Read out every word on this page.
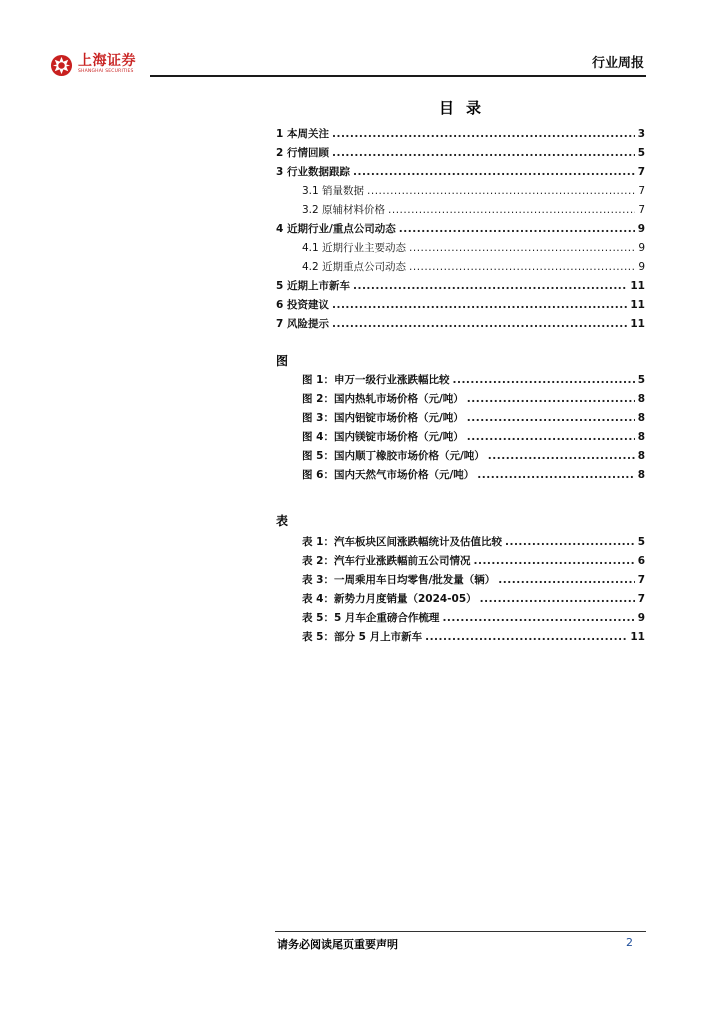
上海证券
SHANGHAI SECURITIES
行业周报
目录
1 本周关注 .....	3
2 行情回顾 .....	5
3 行业数据跟踪 .....	7
3.1 销量数据 .....	7
3.2 原辅材料价格 .....	7
4 近期行业/重点公司动态 .....	9
4.1 近期行业主要动态 .....	9
4.2 近期重点公司动态 .....	9
5 近期上市新车 .....	11
6 投资建议 .....	11
7 风险提示 .....	11
图
图 1：申万一级行业涨跌幅比较 .....	5
图 2：国内热轧市场价格（元/吨） .....	8
图 3：国内铝锭市场价格（元/吨） .....	8
图 4：国内镁锭市场价格（元/吨） .....	8
图 5：国内顺丁橡胶市场价格（元/吨） .....	8
图 6：国内天然气市场价格（元/吨） .....	8
表
表 1：汽车板块区间涨跌幅统计及估值比较 .....	5
表 2：汽车行业涨跌幅前五公司情况 .....	6
表 3：一周乘用车日均零售/批发量（辆） .....	7
表 4：新势力月度销量（2024-05） .....	7
表 5：5 月车企重磅合作梳理 .....	9
表 5：部分 5 月上市新车 .....	11
请务必阅读尾页重要声明	2
